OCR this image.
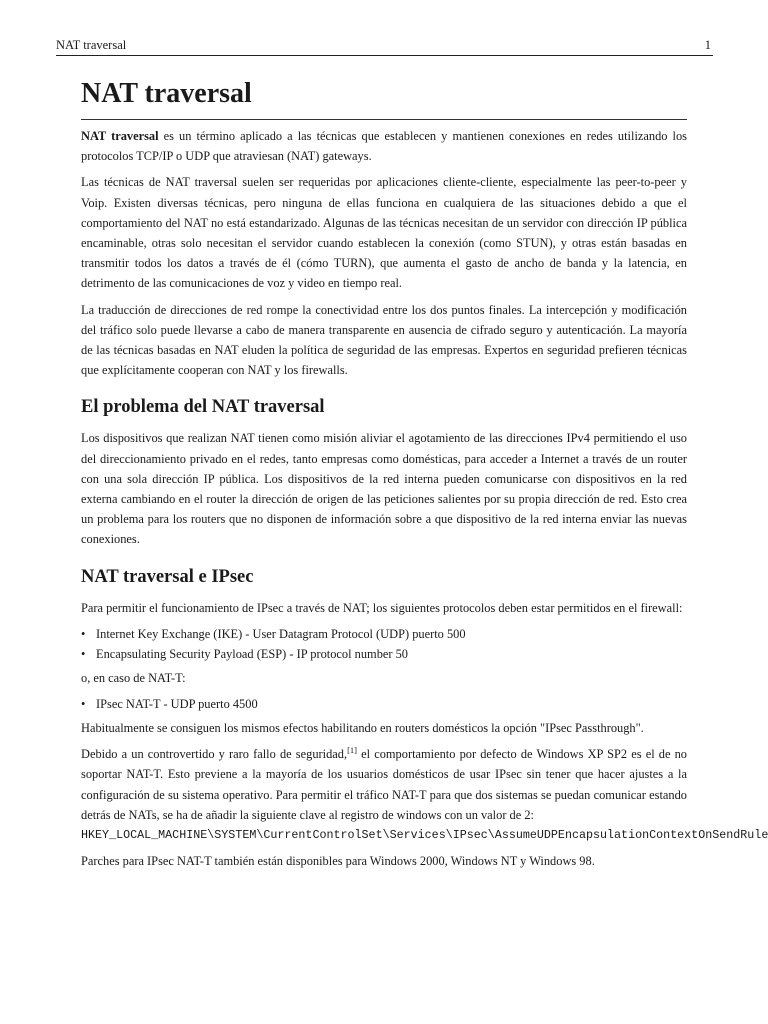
NAT traversal	1
NAT traversal

NAT traversal es un término aplicado a las técnicas que establecen y mantienen conexiones en redes utilizando los protocolos TCP/IP o UDP que atraviesan (NAT) gateways.

Las técnicas de NAT traversal suelen ser requeridas por aplicaciones cliente-cliente, especialmente las peer-to-peer y Voip. Existen diversas técnicas, pero ninguna de ellas funciona en cualquiera de las situaciones debido a que el comportamiento del NAT no está estandarizado. Algunas de las técnicas necesitan de un servidor con dirección IP pública encaminable, otras solo necesitan el servidor cuando establecen la conexión (como STUN), y otras están basadas en transmitir todos los datos a través de él (cómo TURN), que aumenta el gasto de ancho de banda y la latencia, en detrimento de las comunicaciones de voz y video en tiempo real.

La traducción de direcciones de red rompe la conectividad entre los dos puntos finales. La intercepción y modificación del tráfico solo puede llevarse a cabo de manera transparente en ausencia de cifrado seguro y autenticación. La mayoría de las técnicas basadas en NAT eluden la política de seguridad de las empresas. Expertos en seguridad prefieren técnicas que explícitamente cooperan con NAT y los firewalls.

El problema del NAT traversal

Los dispositivos que realizan NAT tienen como misión aliviar el agotamiento de las direcciones IPv4 permitiendo el uso del direccionamiento privado en el redes, tanto empresas como domésticas, para acceder a Internet a través de un router con una sola dirección IP pública. Los dispositivos de la red interna pueden comunicarse con dispositivos en la red externa cambiando en el router la dirección de origen de las peticiones salientes por su propia dirección de red. Esto crea un problema para los routers que no disponen de información sobre a que dispositivo de la red interna enviar las nuevas conexiones.

NAT traversal e IPsec

Para permitir el funcionamiento de IPsec a través de NAT; los siguientes protocolos deben estar permitidos en el firewall:

• Internet Key Exchange (IKE) - User Datagram Protocol (UDP) puerto 500
• Encapsulating Security Payload (ESP) - IP protocol number 50

o, en caso de NAT-T:

• IPsec NAT-T - UDP puerto 4500

Habitualmente se consiguen los mismos efectos habilitando en routers domésticos la opción "IPsec Passthrough".

Debido a un controvertido y raro fallo de seguridad,[1] el comportamiento por defecto de Windows XP SP2 es el de no soportar NAT-T. Esto previene a la mayoría de los usuarios domésticos de usar IPsec sin tener que hacer ajustes a la configuración de su sistema operativo. Para permitir el tráfico NAT-T para que dos sistemas se puedan comunicar estando detrás de NATs, se ha de añadir la siguiente clave al registro de windows con un valor de 2:
HKEY_LOCAL_MACHINE\SYSTEM\CurrentControlSet\Services\IPsec\AssumeUDPEncapsulationContextOnSendRule

Parches para IPsec NAT-T también están disponibles para Windows 2000, Windows NT y Windows 98.
